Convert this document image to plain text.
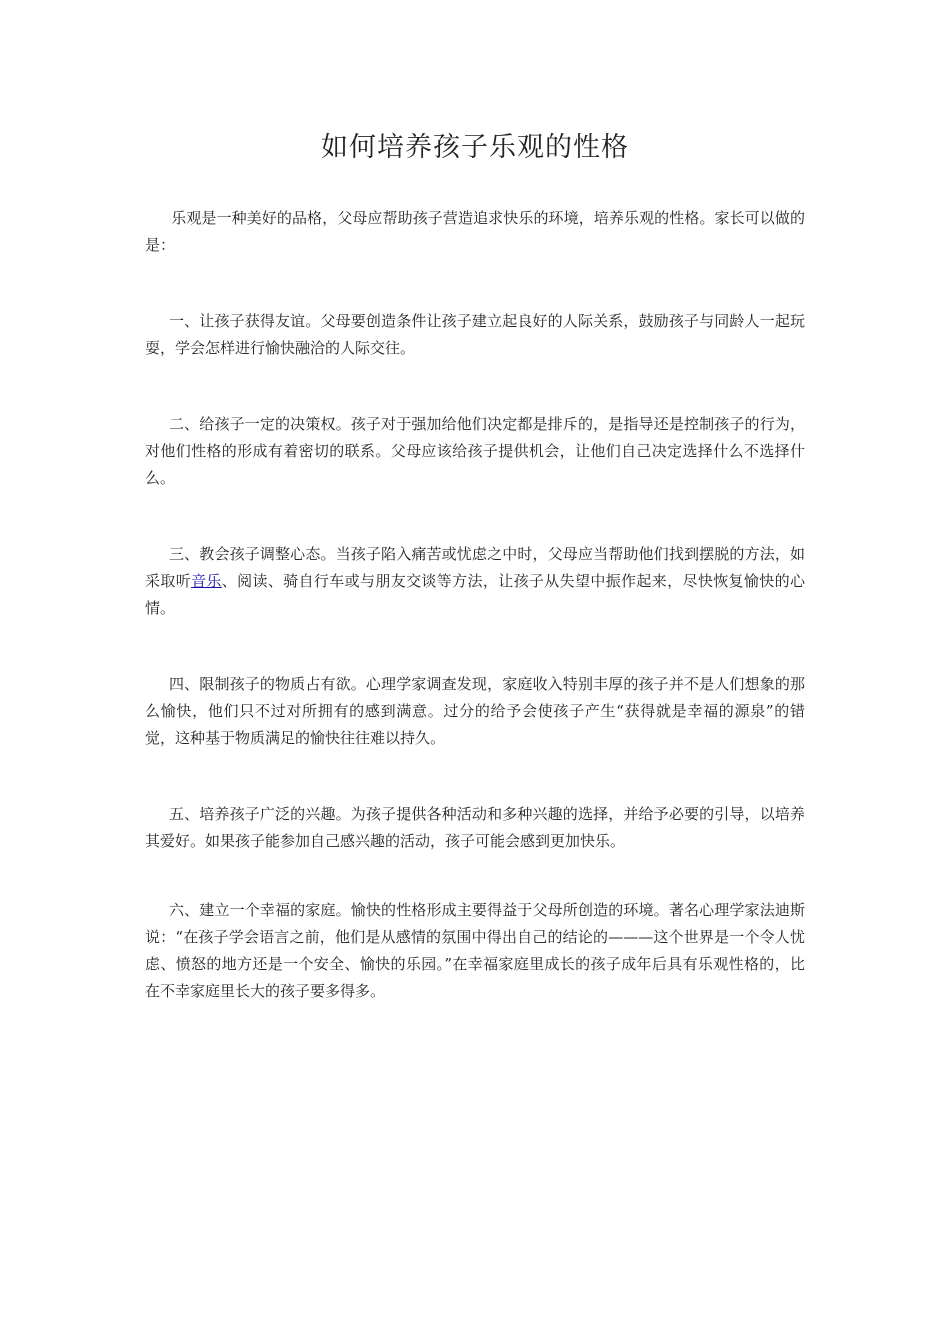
如何培养孩子乐观的性格

乐观是一种美好的品格，父母应帮助孩子营造追求快乐的环境，培养乐观的性格。家长可以做的是：

一、让孩子获得友谊。父母要创造条件让孩子建立起良好的人际关系，鼓励孩子与同龄人一起玩耍，学会怎样进行愉快融洽的人际交往。

二、给孩子一定的决策权。孩子对于强加给他们决定都是排斥的，是指导还是控制孩子的行为，对他们性格的形成有着密切的联系。父母应该给孩子提供机会，让他们自己决定选择什么不选择什么。

三、教会孩子调整心态。当孩子陷入痛苦或忧虑之中时，父母应当帮助他们找到摆脱的方法，如采取听音乐、阅读、骑自行车或与朋友交谈等方法，让孩子从失望中振作起来，尽快恢复愉快的心情。

四、限制孩子的物质占有欲。心理学家调查发现，家庭收入特别丰厚的孩子并不是人们想象的那么愉快，他们只不过对所拥有的感到满意。过分的给予会使孩子产生“获得就是幸福的源泉”的错觉，这种基于物质满足的愉快往往难以持久。

五、培养孩子广泛的兴趣。为孩子提供各种活动和多种兴趣的选择，并给予必要的引导，以培养其爱好。如果孩子能参加自己感兴趣的活动，孩子可能会感到更加快乐。

六、建立一个幸福的家庭。愉快的性格形成主要得益于父母所创造的环境。著名心理学家法迪斯说：“在孩子学会语言之前，他们是从感情的氛围中得出自己的结论的———这个世界是一个令人忧虑、愤怒的地方还是一个安全、愉快的乐园。”在幸福家庭里成长的孩子成年后具有乐观性格的，比在不幸家庭里长大的孩子要多得多。
